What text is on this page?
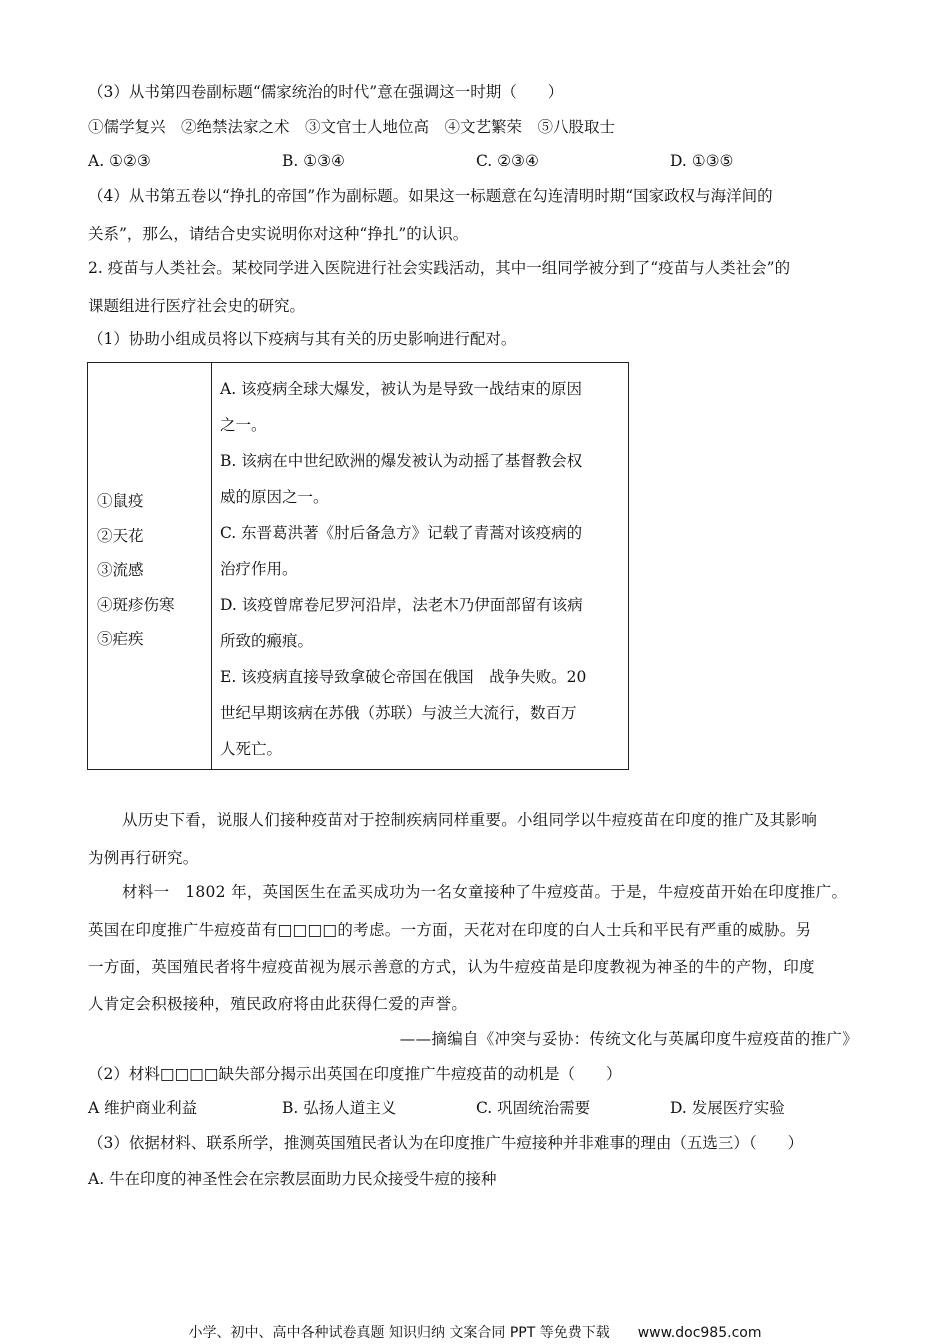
（3）从书第四卷副标题“儒家统治的时代”意在强调这一时期（　　）
①儒学复兴　②绝禁法家之术　③文官士人地位高　④文艺繁荣　⑤八股取士
A. ①②③	B. ①③④	C. ②③④	D. ①③⑤
（4）从书第五卷以“挣扎的帝国”作为副标题。如果这一标题意在勾连清明时期“国家政权与海洋间的
关系”，那么，请结合史实说明你对这种“挣扎”的认识。
2. 疫苗与人类社会。某校同学进入医院进行社会实践活动，其中一组同学被分到了“疫苗与人类社会”的
课题组进行医疗社会史的研究。
（1）协助小组成员将以下疫病与其有关的历史影响进行配对。
①鼠疫
②天花
③流感
④斑疹伤寒
⑤疟疾
A. 该疫病全球大爆发，被认为是导致一战结束的原因
之一。
B. 该病在中世纪欧洲的爆发被认为动摇了基督教会权
威的原因之一。
C. 东晋葛洪著《肘后备急方》记载了青蒿对该疫病的
治疗作用。
D. 该疫曾席卷尼罗河沿岸，法老木乃伊面部留有该病
所致的瘢痕。
E. 该疫病直接导致拿破仑帝国在俄国　战争失败。20
世纪早期该病在苏俄（苏联）与波兰大流行，数百万
人死亡。
从历史下看，说服人们接种疫苗对于控制疾病同样重要。小组同学以牛痘疫苗在印度的推广及其影响
为例再行研究。
材料一　1802 年，英国医生在孟买成功为一名女童接种了牛痘疫苗。于是，牛痘疫苗开始在印度推广。
英国在印度推广牛痘疫苗有□□□□的考虑。一方面，天花对在印度的白人士兵和平民有严重的威胁。另
一方面，英国殖民者将牛痘疫苗视为展示善意的方式，认为牛痘疫苗是印度教视为神圣的牛的产物，印度
人肯定会积极接种，殖民政府将由此获得仁爱的声誉。
——摘编自《冲突与妥协：传统文化与英属印度牛痘疫苗的推广》
（2）材料□□□□缺失部分揭示出英国在印度推广牛痘疫苗的动机是（　　）
A 维护商业利益	B. 弘扬人道主义	C. 巩固统治需要	D. 发展医疗实验
（3）依据材料、联系所学，推测英国殖民者认为在印度推广牛痘接种并非难事的理由（五选三）（　　）
A. 牛在印度的神圣性会在宗教层面助力民众接受牛痘的接种
小学、初中、高中各种试卷真题 知识归纳 文案合同 PPT 等免费下载　　www.doc985.com
